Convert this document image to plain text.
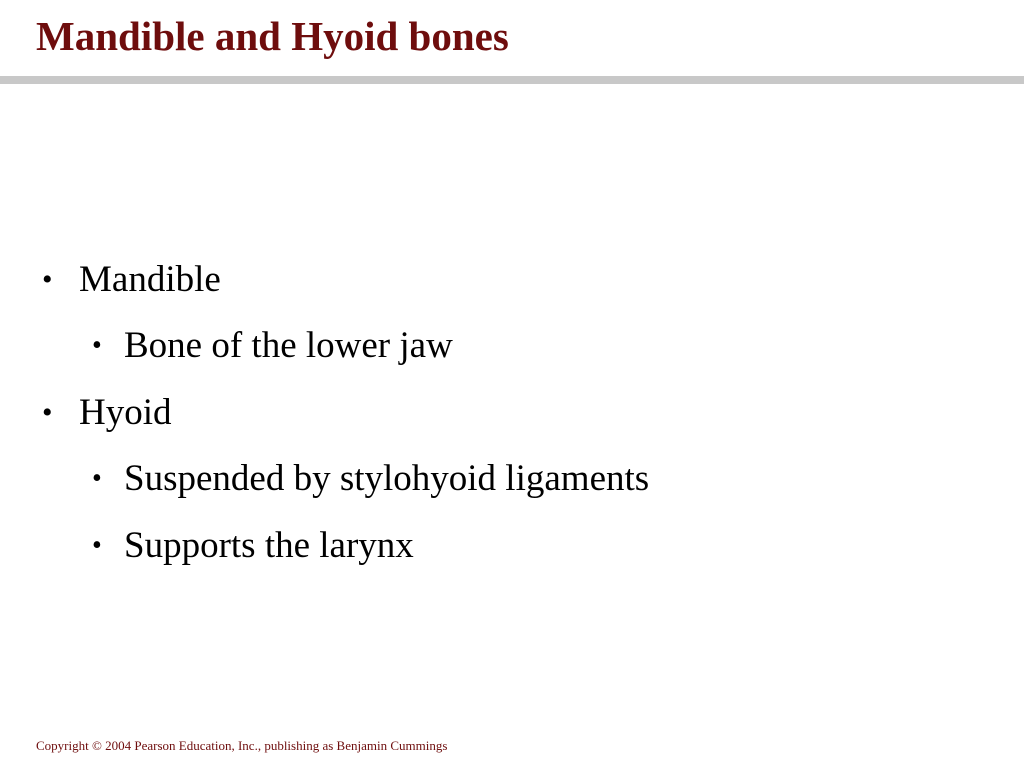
Mandible and Hyoid bones
• Mandible
• Bone of the lower jaw
• Hyoid
• Suspended by stylohyoid ligaments
• Supports the larynx
Copyright © 2004 Pearson Education, Inc., publishing as Benjamin Cummings
